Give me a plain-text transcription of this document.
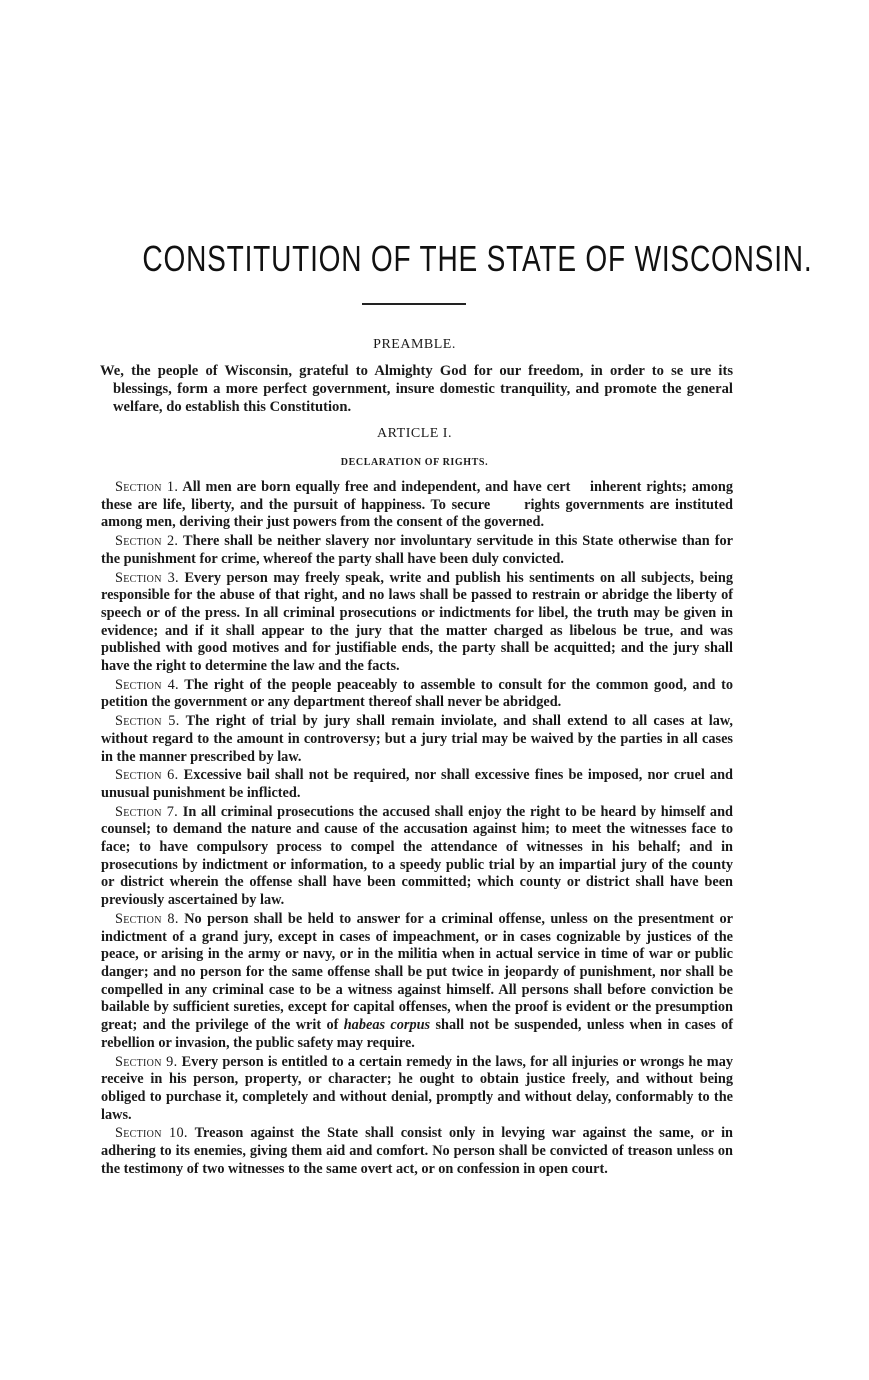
CONSTITUTION OF THE STATE OF WISCONSIN.
PREAMBLE.
We, the people of Wisconsin, grateful to Almighty God for our freedom, in order to se ure its blessings, form a more perfect government, insure domestic tranquility, and promote the general welfare, do establish this Constitution.
ARTICLE I.
DECLARATION OF RIGHTS.

Section 1. All men are born equally free and independent, and have cert    inherent rights; among these are life, liberty, and the pursuit of happiness. To secure      rights governments are instituted among men, deriving their just powers from the consent of the governed.

Section 2. There shall be neither slavery nor involuntary servitude in this State otherwise than for the punishment for crime, whereof the party shall have been duly convicted.

Section 3. Every person may freely speak, write and publish his sentiments on all subjects, being responsible for the abuse of that right, and no laws shall be passed to restrain or abridge the liberty of speech or of the press. In all criminal prosecutions or indictments for libel, the truth may be given in evidence; and if it shall appear to the jury that the matter charged as libelous be true, and was published with good motives and for justifiable ends, the party shall be acquitted; and the jury shall have the right to determine the law and the facts.

Section 4. The right of the people peaceably to assemble to consult for the common good, and to petition the government or any department thereof shall never be abridged.

Section 5. The right of trial by jury shall remain inviolate, and shall extend to all cases at law, without regard to the amount in controversy; but a jury trial may be waived by the parties in all cases in the manner prescribed by law.

Section 6. Excessive bail shall not be required, nor shall excessive fines be imposed, nor cruel and unusual punishment be inflicted.

Section 7. In all criminal prosecutions the accused shall enjoy the right to be heard by himself and counsel; to demand the nature and cause of the accusation against him; to meet the witnesses face to face; to have compulsory process to compel the attendance of witnesses in his behalf; and in prosecutions by indictment or information, to a speedy public trial by an impartial jury of the county or district wherein the offense shall have been committed; which county or district shall have been previously ascertained by law.

Section 8. No person shall be held to answer for a criminal offense, unless on the presentment or indictment of a grand jury, except in cases of impeachment, or in cases cognizable by justices of the peace, or arising in the army or navy, or in the militia when in actual service in time of war or public danger; and no person for the same offense shall be put twice in jeopardy of punishment, nor shall be compelled in any criminal case to be a witness against himself. All persons shall before conviction be bailable by sufficient sureties, except for capital offenses, when the proof is evident or the presumption great; and the privilege of the writ of habeas corpus shall not be suspended, unless when in cases of rebellion or invasion, the public safety may require.

Section 9. Every person is entitled to a certain remedy in the laws, for all injuries or wrongs he may receive in his person, property, or character; he ought to obtain justice freely, and without being obliged to purchase it, completely and without denial, promptly and without delay, conformably to the laws.

Section 10. Treason against the State shall consist only in levying war against the same, or in adhering to its enemies, giving them aid and comfort. No person shall be convicted of treason unless on the testimony of two witnesses to the same overt act, or on confession in open court.
